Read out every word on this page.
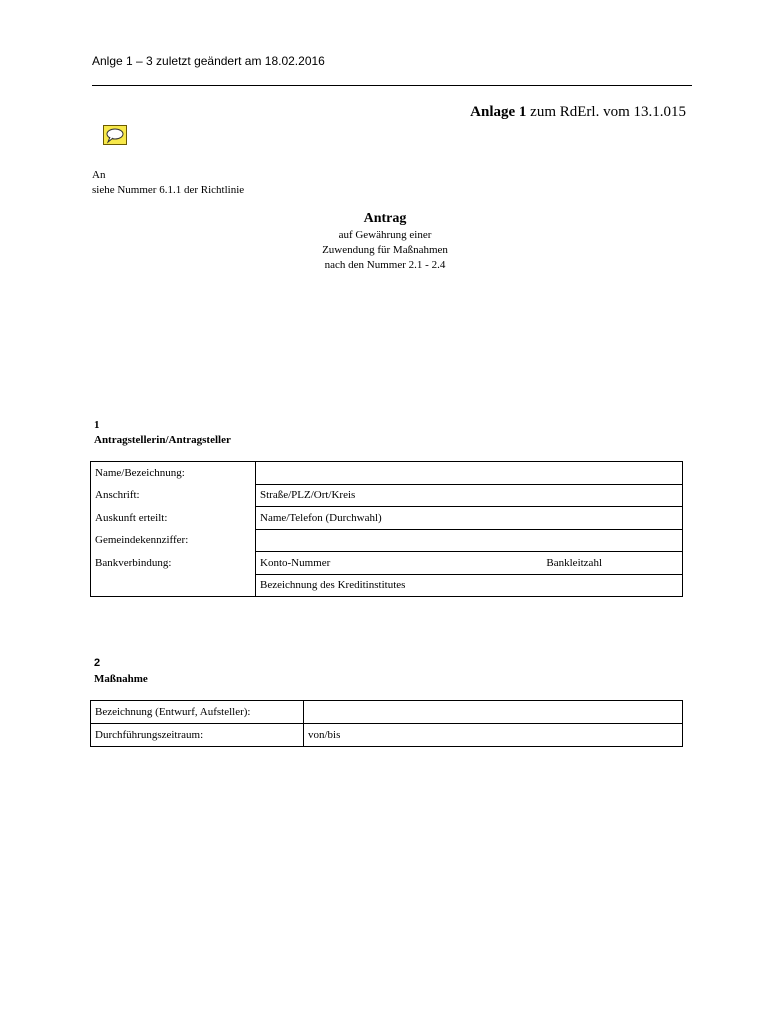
Anlge 1 – 3 zuletzt geändert am 18.02.2016
Anlage 1 zum RdErl. vom 13.1.015
An
siehe Nummer 6.1.1 der Richtlinie
Antrag
auf Gewährung einer
Zuwendung für Maßnahmen
nach den Nummer 2.1 - 2.4
1
Antragstellerin/Antragsteller
Name/Bezeichnung:	
Anschrift:	Straße/PLZ/Ort/Kreis
Auskunft erteilt:	Name/Telefon (Durchwahl)
Gemeindekennziffer:	
Bankverbindung:	Konto-Nummer Bankleitzahl

	Bezeichnung des Kreditinstitutes
2
Maßnahme
Bezeichnung (Entwurf, Aufsteller):	
Durchführungszeitraum:	von/bis
